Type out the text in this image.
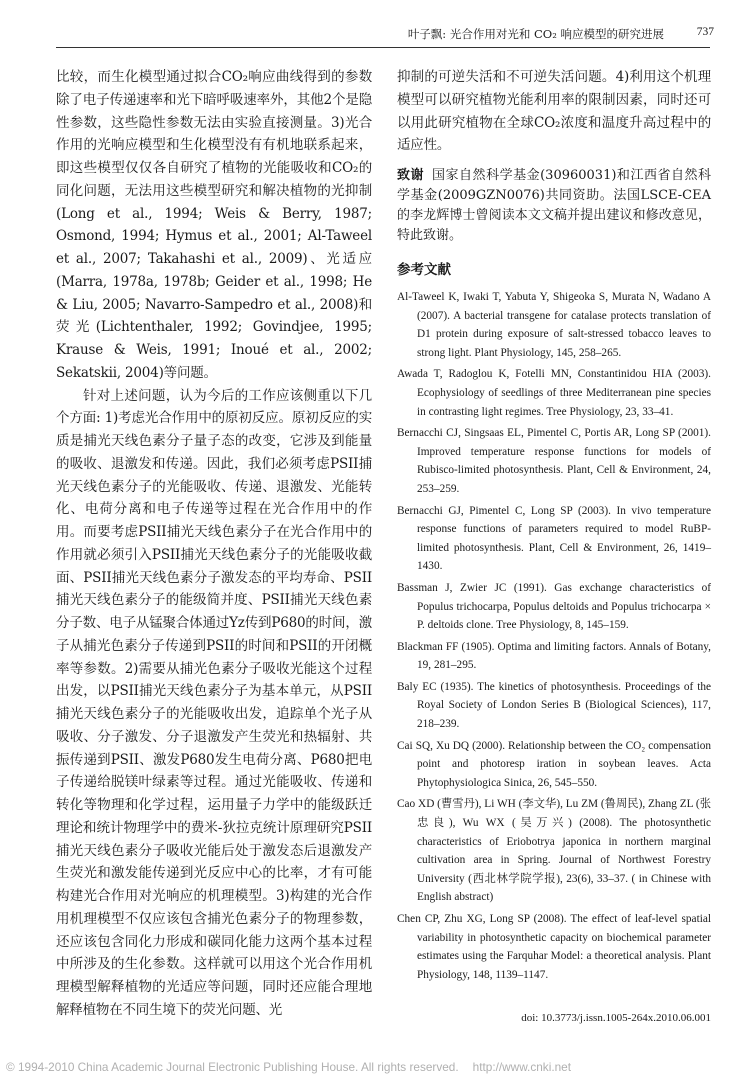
叶子飘: 光合作用对光和 CO₂ 响应模型的研究进展	737

比较，而生化模型通过拟合CO₂响应曲线得到的参数除了电子传递速率和光下暗呼吸速率外，其他2个是隐性参数，这些隐性参数无法由实验直接测量。3)光合作用的光响应模型和生化模型没有有机地联系起来，即这些模型仅仅各自研究了植物的光能吸收和CO₂的同化问题，无法用这些模型研究和解决植物的光抑制(Long et al., 1994; Weis & Berry, 1987; Osmond, 1994; Hymus et al., 2001; Al-Taweel et al., 2007; Takahashi et al., 2009)、光适应(Marra, 1978a, 1978b; Geider et al., 1998; He & Liu, 2005; Navarro-Sampedro et al., 2008)和荧光(Lichtenthaler, 1992; Govindjee, 1995; Krause & Weis, 1991; Inoué et al., 2002; Sekatskii, 2004)等问题。

针对上述问题，认为今后的工作应该侧重以下几个方面: 1)考虑光合作用中的原初反应。原初反应的实质是捕光天线色素分子量子态的改变，它涉及到能量的吸收、退激发和传递。因此，我们必须考虑PSII捕光天线色素分子的光能吸收、传递、退激发、光能转化、电荷分离和电子传递等过程在光合作用中的作用。而要考虑PSII捕光天线色素分子在光合作用中的作用就必须引入PSII捕光天线色素分子的光能吸收截面、PSII捕光天线色素分子激发态的平均寿命、PSII捕光天线色素分子的能级简并度、PSII捕光天线色素分子数、电子从锰聚合体通过Yz传到P680的时间，激子从捕光色素分子传递到PSII的时间和PSII的开闭概率等参数。2)需要从捕光色素分子吸收光能这个过程出发，以PSII捕光天线色素分子为基本单元，从PSII捕光天线色素分子的光能吸收出发，追踪单个光子从吸收、分子激发、分子退激发产生荧光和热辐射、共振传递到PSII、激发P680发生电荷分离、P680把电子传递给脱镁叶绿素等过程。通过光能吸收、传递和转化等物理和化学过程，运用量子力学中的能级跃迁理论和统计物理学中的费米-狄拉克统计原理研究PSII捕光天线色素分子吸收光能后处于激发态后退激发产生荧光和激发能传递到光反应中心的比率，才有可能构建光合作用对光响应的机理模型。3)构建的光合作用机理模型不仅应该包含捕光色素分子的物理参数，还应该包含同化力形成和碳同化能力这两个基本过程中所涉及的生化参数。这样就可以用这个光合作用机理模型解释植物的光适应等问题，同时还应能合理地解释植物在不同生境下的荧光问题、光

抑制的可逆失活和不可逆失活问题。4)利用这个机理模型可以研究植物光能利用率的限制因素，同时还可以用此研究植物在全球CO₂浓度和温度升高过程中的适应性。

致谢 国家自然科学基金(30960031)和江西省自然科学基金(2009GZN0076)共同资助。法国LSCE-CEA的李龙辉博士曾阅读本文文稿并提出建议和修改意见，特此致谢。
参考文献

Al-Taweel K, Iwaki T, Yabuta Y, Shigeoka S, Murata N, Wadano A (2007). A bacterial transgene for catalase protects translation of D1 protein during exposure of salt-stressed tobacco leaves to strong light. Plant Physiology, 145, 258–265.

Awada T, Radoglou K, Fotelli MN, Constantinidou HIA (2003). Ecophysiology of seedlings of three Mediterranean pine species in contrasting light regimes. Tree Physiology, 23, 33–41.

Bernacchi CJ, Singsaas EL, Pimentel C, Portis AR, Long SP (2001). Improved temperature response functions for models of Rubisco-limited photosynthesis. Plant, Cell & Environment, 24, 253–259.

Bernacchi GJ, Pimentel C, Long SP (2003). In vivo temperature response functions of parameters required to model RuBP-limited photosynthesis. Plant, Cell & Environment, 26, 1419–1430.

Bassman J, Zwier JC (1991). Gas exchange characteristics of Populus trichocarpa, Populus deltoids and Populus trichocarpa × P. deltoids clone. Tree Physiology, 8, 145–159.

Blackman FF (1905). Optima and limiting factors. Annals of Botany, 19, 281–295.

Baly EC (1935). The kinetics of photosynthesis. Proceedings of the Royal Society of London Series B (Biological Sciences), 117, 218–239.

Cai SQ, Xu DQ (2000). Relationship between the CO₂ compensation point and photoresp iration in soybean leaves. Acta Phytophysiologica Sinica, 26, 545–550.

Cao XD (曹雪丹), Li WH (李文华), Lu ZM (鲁周民), Zhang ZL (张忠良), Wu WX (吴万兴) (2008). The photosynthetic characteristics of Eriobotrya japonica in northern marginal cultivation area in Spring. Journal of Northwest Forestry University (西北林学院学报), 23(6), 33–37. ( in Chinese with English abstract)

Chen CP, Zhu XG, Long SP (2008). The effect of leaf-level spatial variability in photosynthetic capacity on biochemical parameter estimates using the Farquhar Model: a theoretical analysis. Plant Physiology, 148, 1139–1147.

doi: 10.3773/j.issn.1005-264x.2010.06.001
© 1994-2010 China Academic Journal Electronic Publishing House. All rights reserved. http://www.cnki.net
